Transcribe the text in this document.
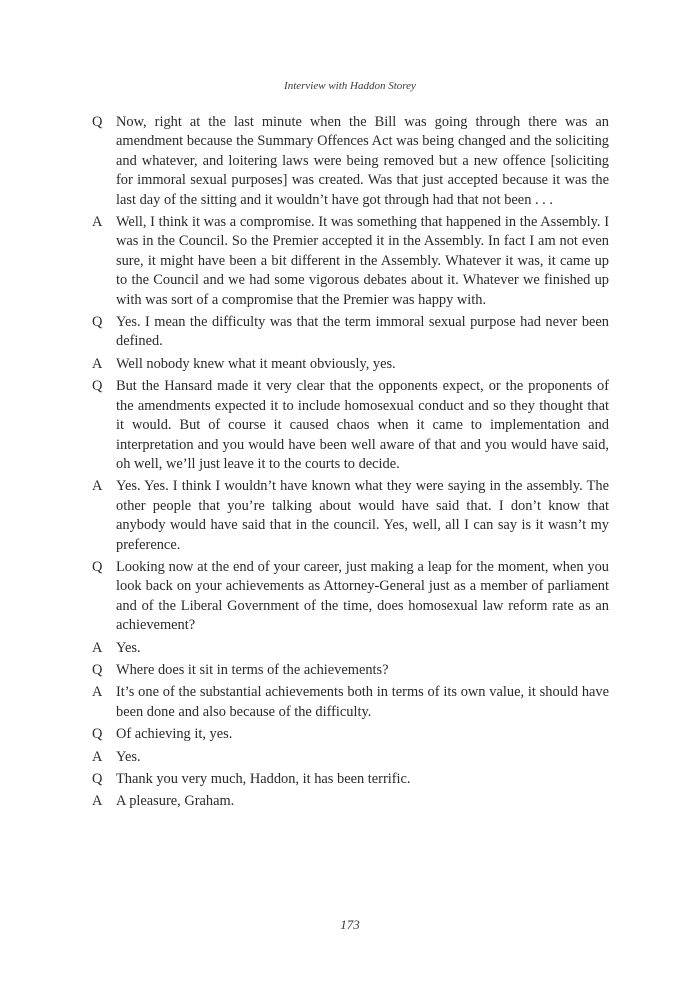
Interview with Haddon Storey
Q Now, right at the last minute when the Bill was going through there was an amendment because the Summary Offences Act was being changed and the soliciting and whatever, and loitering laws were being removed but a new offence [soliciting for immoral sexual purposes] was created. Was that just accepted because it was the last day of the sitting and it wouldn’t have got through had that not been . . .
A Well, I think it was a compromise. It was something that happened in the Assembly. I was in the Council. So the Premier accepted it in the Assembly. In fact I am not even sure, it might have been a bit different in the Assembly. Whatever it was, it came up to the Council and we had some vigorous debates about it. Whatever we finished up with was sort of a compromise that the Premier was happy with.
Q Yes. I mean the difficulty was that the term immoral sexual purpose had never been defined.
A Well nobody knew what it meant obviously, yes.
Q But the Hansard made it very clear that the opponents expect, or the proponents of the amendments expected it to include homosexual conduct and so they thought that it would. But of course it caused chaos when it came to implementation and interpretation and you would have been well aware of that and you would have said, oh well, we’ll just leave it to the courts to decide.
A Yes. Yes. I think I wouldn’t have known what they were saying in the assembly. The other people that you’re talking about would have said that. I don’t know that anybody would have said that in the council. Yes, well, all I can say is it wasn’t my preference.
Q Looking now at the end of your career, just making a leap for the moment, when you look back on your achievements as Attorney-General just as a member of parliament and of the Liberal Government of the time, does homosexual law reform rate as an achievement?
A Yes.
Q Where does it sit in terms of the achievements?
A It’s one of the substantial achievements both in terms of its own value, it should have been done and also because of the difficulty.
Q Of achieving it, yes.
A Yes.
Q Thank you very much, Haddon, it has been terrific.
A A pleasure, Graham.
173
